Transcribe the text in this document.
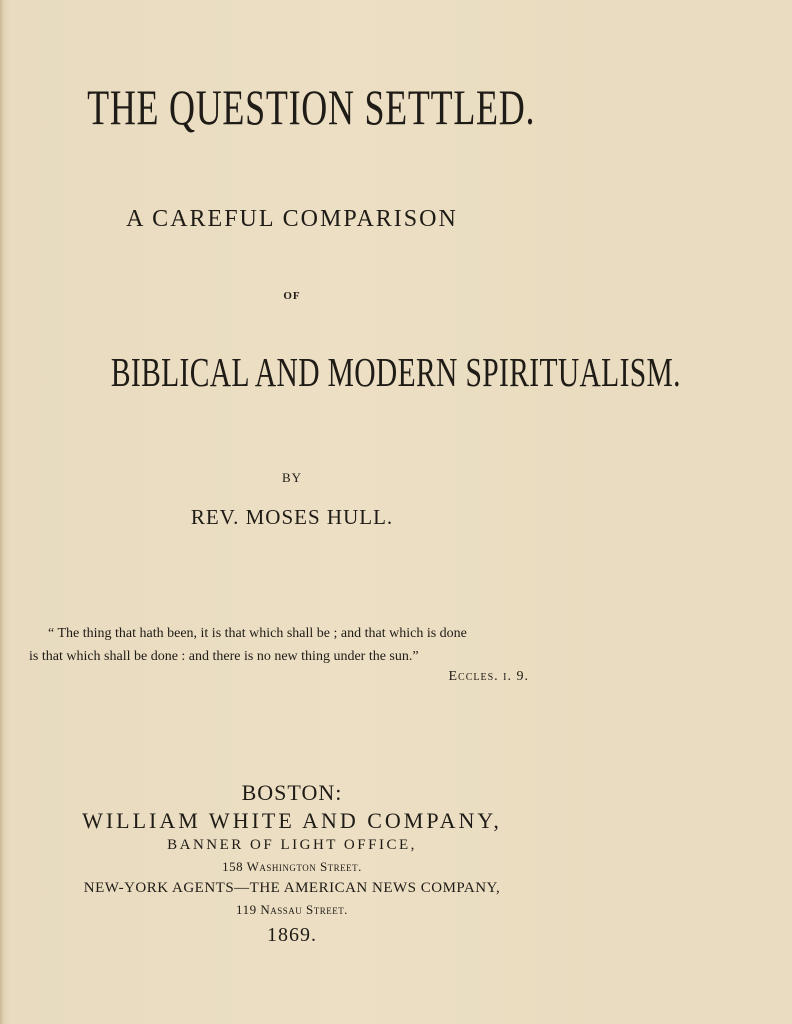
THE QUESTION SETTLED.
A CAREFUL COMPARISON
OF
BIBLICAL AND MODERN SPIRITUALISM.
BY
REV. MOSES HULL.
“ The thing that hath been, it is that which shall be ; and that which is done
is that which shall be done : and there is no new thing under the sun.”
Eccles. i. 9.
BOSTON:
WILLIAM WHITE AND COMPANY,
BANNER OF LIGHT OFFICE,
158 Washington Street.
NEW-YORK AGENTS—THE AMERICAN NEWS COMPANY,
119 Nassau Street.
1869.
